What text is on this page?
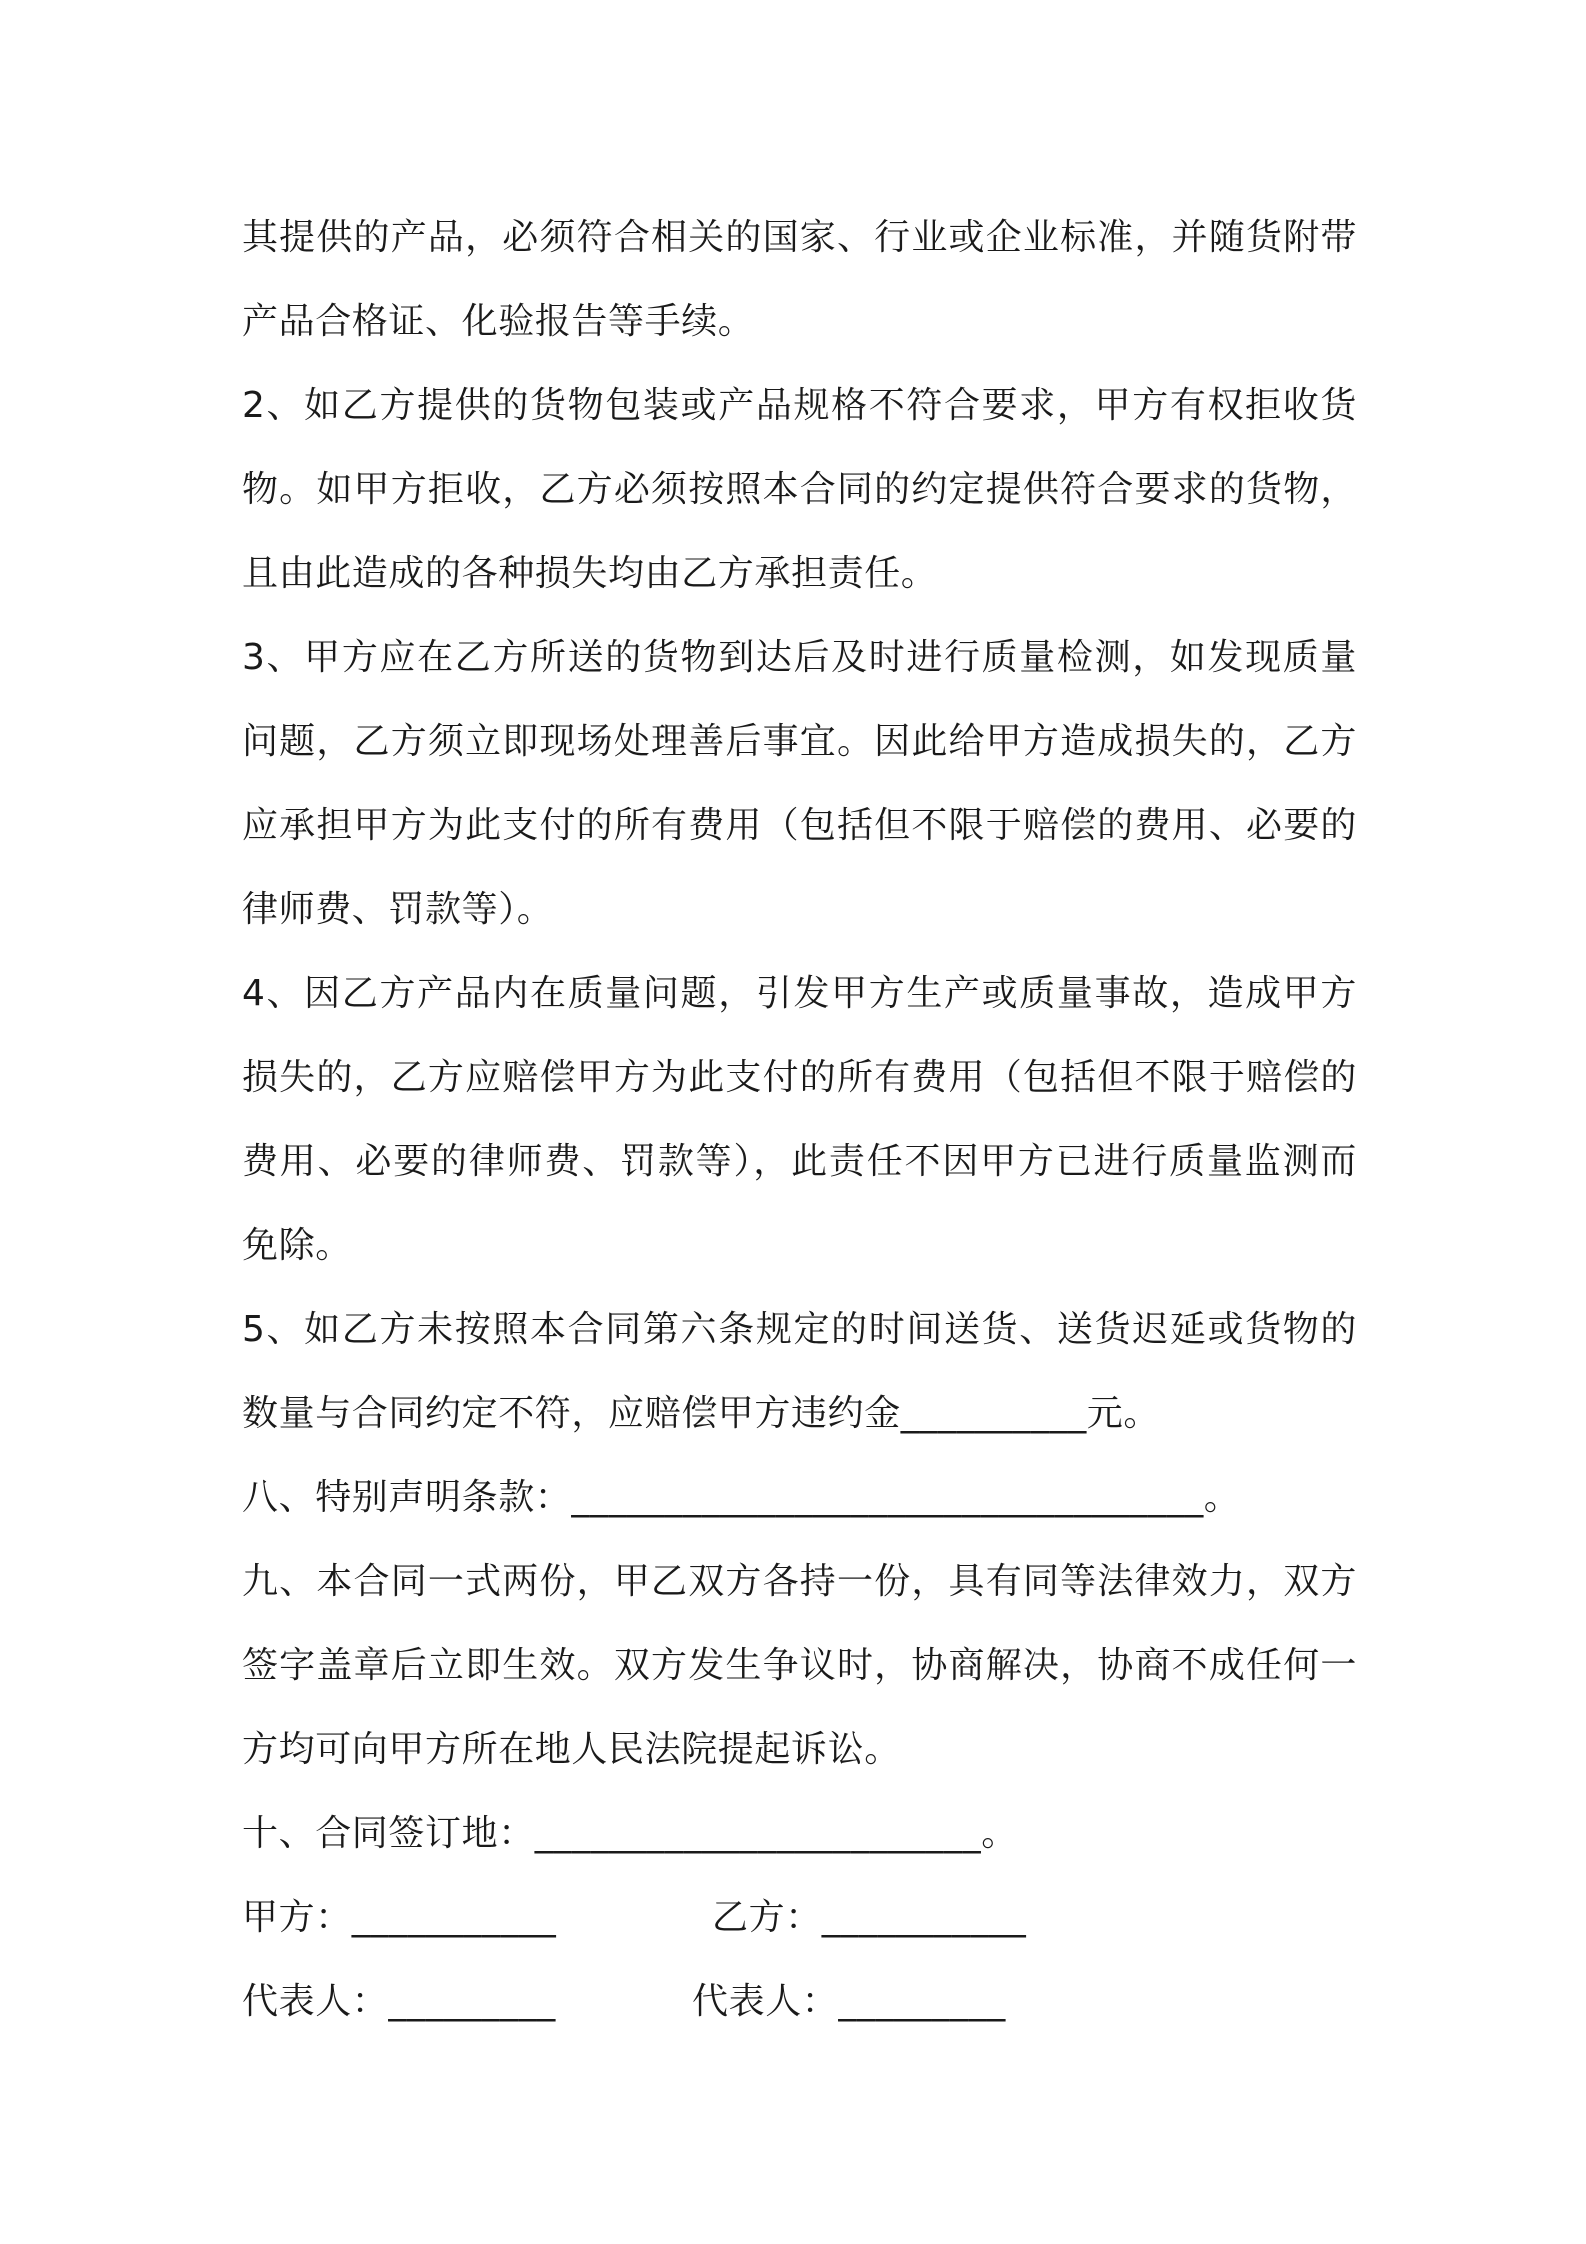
其提供的产品，必须符合相关的国家、行业或企业标准，并随货附带产品合格证、化验报告等手续。

2、如乙方提供的货物包装或产品规格不符合要求，甲方有权拒收货物。如甲方拒收，乙方必须按照本合同的约定提供符合要求的货物，且由此造成的各种损失均由乙方承担责任。

3、甲方应在乙方所送的货物到达后及时进行质量检测，如发现质量问题，乙方须立即现场处理善后事宜。因此给甲方造成损失的，乙方应承担甲方为此支付的所有费用（包括但不限于赔偿的费用、必要的律师费、罚款等）。

4、因乙方产品内在质量问题，引发甲方生产或质量事故，造成甲方损失的，乙方应赔偿甲方为此支付的所有费用（包括但不限于赔偿的费用、必要的律师费、罚款等），此责任不因甲方已进行质量监测而免除。

5、如乙方未按照本合同第六条规定的时间送货、送货迟延或货物的数量与合同约定不符，应赔偿甲方违约金__________元。

八、特别声明条款：__________________________________。

九、本合同一式两份，甲乙双方各持一份，具有同等法律效力，双方签字盖章后立即生效。双方发生争议时，协商解决，协商不成任何一方均可向甲方所在地人民法院提起诉讼。

十、合同签订地：________________________。

甲方：___________	乙方：___________
代表人：_________	代表人：_________
